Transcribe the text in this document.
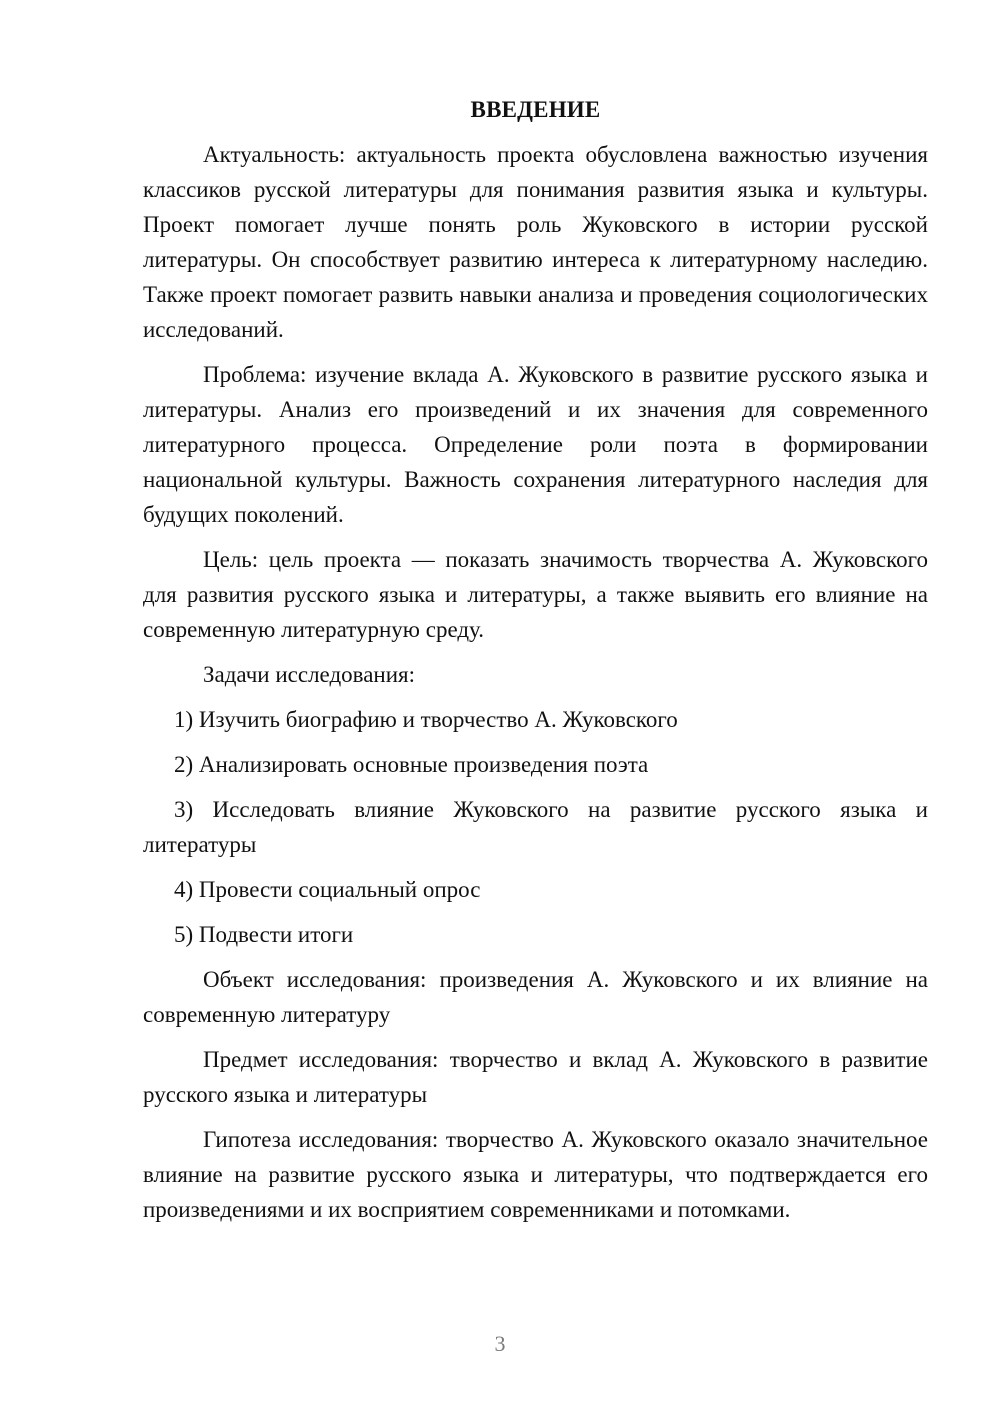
ВВЕДЕНИЕ

Актуальность: актуальность проекта обусловлена важностью изучения классиков русской литературы для понимания развития языка и культуры. Проект помогает лучше понять роль Жуковского в истории русской литературы. Он способствует развитию интереса к литературному наследию. Также проект помогает развить навыки анализа и проведения социологических исследований.

Проблема: изучение вклада А. Жуковского в развитие русского языка и литературы. Анализ его произведений и их значения для современного литературного процесса. Определение роли поэта в формировании национальной культуры. Важность сохранения литературного наследия для будущих поколений.

Цель: цель проекта — показать значимость творчества А. Жуковского для развития русского языка и литературы, а также выявить его влияние на современную литературную среду.

Задачи исследования:

1) Изучить биографию и творчество А. Жуковского

2) Анализировать основные произведения поэта

3) Исследовать влияние Жуковского на развитие русского языка и литературы

4) Провести социальный опрос

5) Подвести итоги

Объект исследования: произведения А. Жуковского и их влияние на современную литературу

Предмет исследования: творчество и вклад А. Жуковского в развитие русского языка и литературы

Гипотеза исследования: творчество А. Жуковского оказало значительное влияние на развитие русского языка и литературы, что подтверждается его произведениями и их восприятием современниками и потомками.

3
